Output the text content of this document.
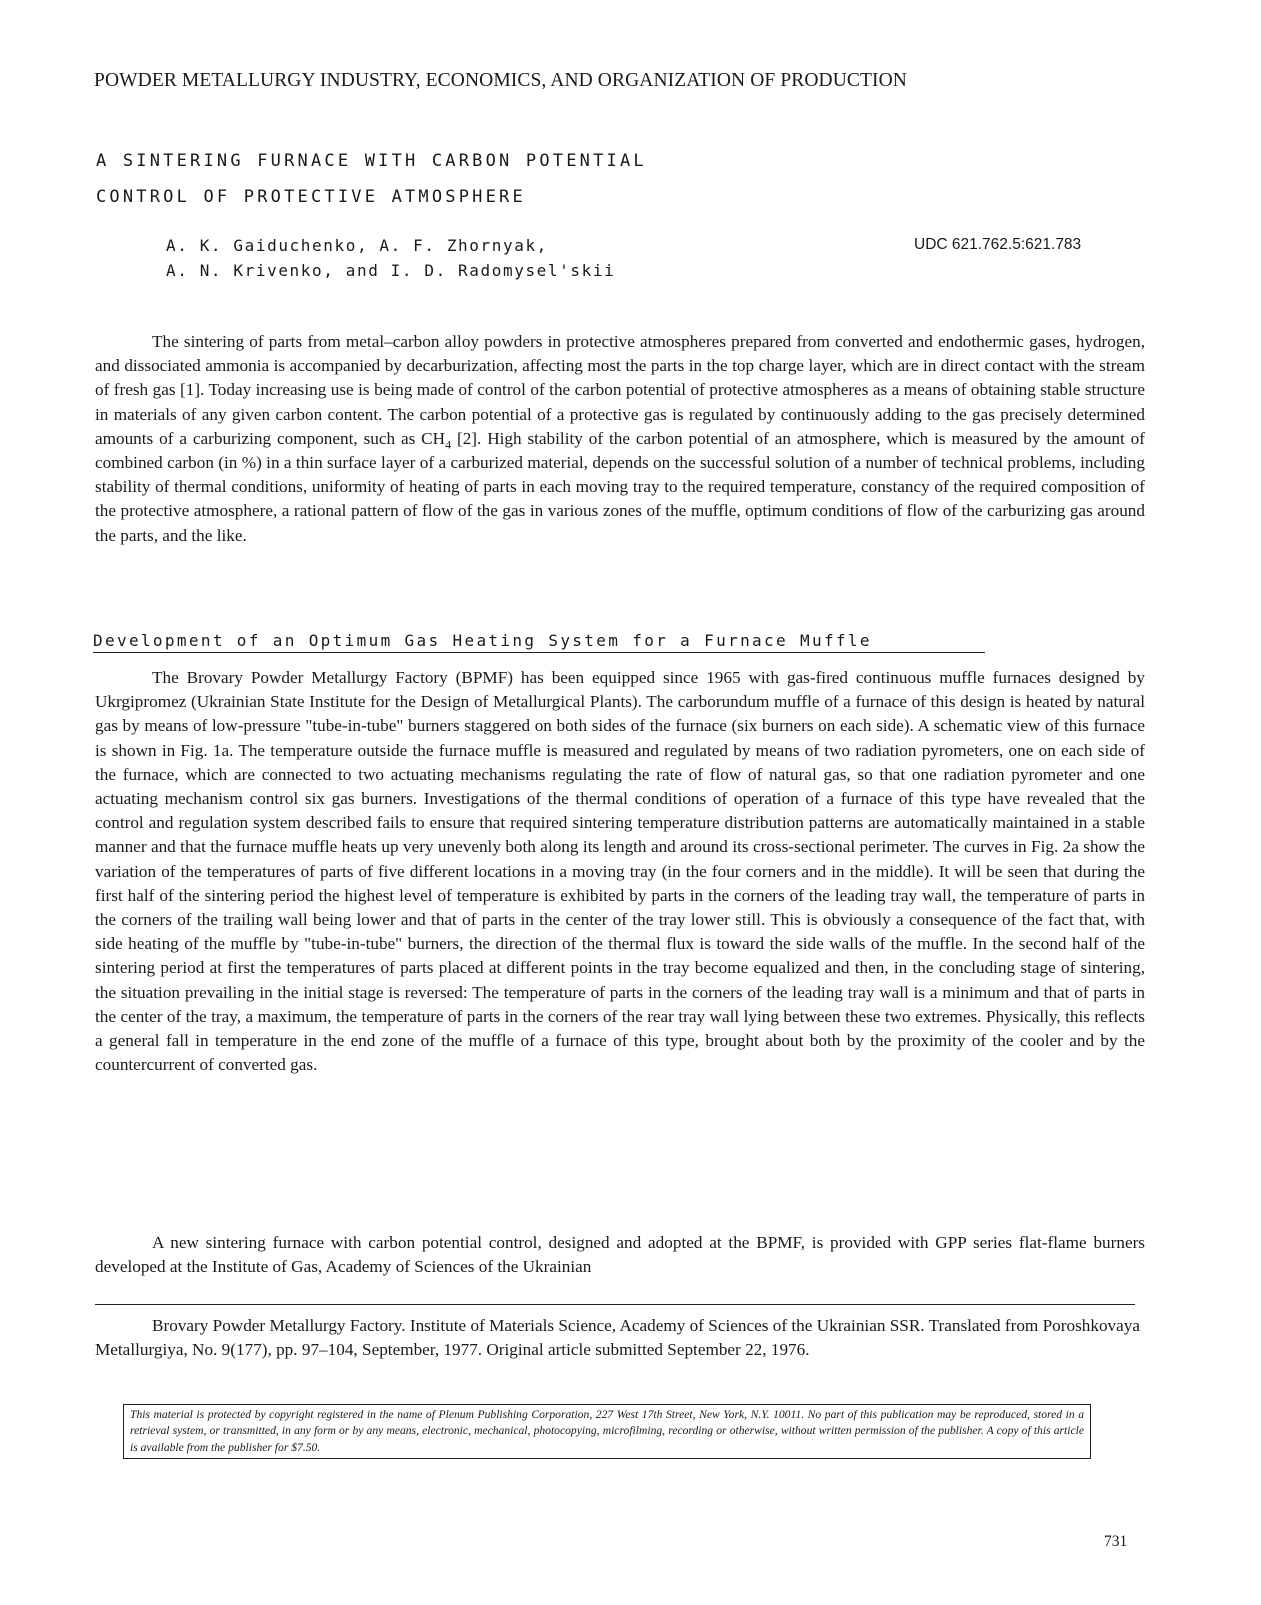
POWDER METALLURGY INDUSTRY, ECONOMICS, AND ORGANIZATION OF PRODUCTION
A SINTERING FURNACE WITH CARBON POTENTIAL
CONTROL OF PROTECTIVE ATMOSPHERE
A. K. Gaiduchenko, A. F. Zhornyak,
A. N. Krivenko, and I. D. Radomysel'skii
UDC 621.762.5:621.783

The sintering of parts from metal–carbon alloy powders in protective atmospheres prepared from converted and endothermic gases, hydrogen, and dissociated ammonia is accompanied by decarburization, affecting most the parts in the top charge layer, which are in direct contact with the stream of fresh gas [1]. Today increasing use is being made of control of the carbon potential of protective atmospheres as a means of obtaining stable structure in materials of any given carbon content. The carbon potential of a protective gas is regulated by continuously adding to the gas precisely determined amounts of a carburizing component, such as $CH_4$ [2]. High stability of the carbon potential of an atmosphere, which is measured by the amount of combined carbon (in %) in a thin surface layer of a carburized material, depends on the successful solution of a number of technical problems, including stability of thermal conditions, uniformity of heating of parts in each moving tray to the required temperature, constancy of the required composition of the protective atmosphere, a rational pattern of flow of the gas in various zones of the muffle, optimum conditions of flow of the carburizing gas around the parts, and the like.

Development of an Optimum Gas Heating System for a Furnace Muffle

The Brovary Powder Metallurgy Factory (BPMF) has been equipped since 1965 with gas-fired continuous muffle furnaces designed by Ukrgipromez (Ukrainian State Institute for the Design of Metallurgical Plants). The carborundum muffle of a furnace of this design is heated by natural gas by means of low-pressure "tube-in-tube" burners staggered on both sides of the furnace (six burners on each side). A schematic view of this furnace is shown in Fig. 1a. The temperature outside the furnace muffle is measured and regulated by means of two radiation pyrometers, one on each side of the furnace, which are connected to two actuating mechanisms regulating the rate of flow of natural gas, so that one radiation pyrometer and one actuating mechanism control six gas burners. Investigations of the thermal conditions of operation of a furnace of this type have revealed that the control and regulation system described fails to ensure that required sintering temperature distribution patterns are automatically maintained in a stable manner and that the furnace muffle heats up very unevenly both along its length and around its cross-sectional perimeter. The curves in Fig. 2a show the variation of the temperatures of parts of five different locations in a moving tray (in the four corners and in the middle). It will be seen that during the first half of the sintering period the highest level of temperature is exhibited by parts in the corners of the leading tray wall, the temperature of parts in the corners of the trailing wall being lower and that of parts in the center of the tray lower still. This is obviously a consequence of the fact that, with side heating of the muffle by "tube-in-tube" burners, the direction of the thermal flux is toward the side walls of the muffle. In the second half of the sintering period at first the temperatures of parts placed at different points in the tray become equalized and then, in the concluding stage of sintering, the situation prevailing in the initial stage is reversed: The temperature of parts in the corners of the leading tray wall is a minimum and that of parts in the center of the tray, a maximum, the temperature of parts in the corners of the rear tray wall lying between these two extremes. Physically, this reflects a general fall in temperature in the end zone of the muffle of a furnace of this type, brought about both by the proximity of the cooler and by the countercurrent of converted gas.

A new sintering furnace with carbon potential control, designed and adopted at the BPMF, is provided with GPP series flat-flame burners developed at the Institute of Gas, Academy of Sciences of the Ukrainian

Brovary Powder Metallurgy Factory. Institute of Materials Science, Academy of Sciences of the Ukrainian SSR. Translated from Poroshkovaya Metallurgiya, No. 9(177), pp. 97–104, September, 1977. Original article submitted September 22, 1976.

This material is protected by copyright registered in the name of Plenum Publishing Corporation, 227 West 17th Street, New York, N.Y. 10011. No part of this publication may be reproduced, stored in a retrieval system, or transmitted, in any form or by any means, electronic, mechanical, photocopying, microfilming, recording or otherwise, without written permission of the publisher. A copy of this article is available from the publisher for $7.50.
731
